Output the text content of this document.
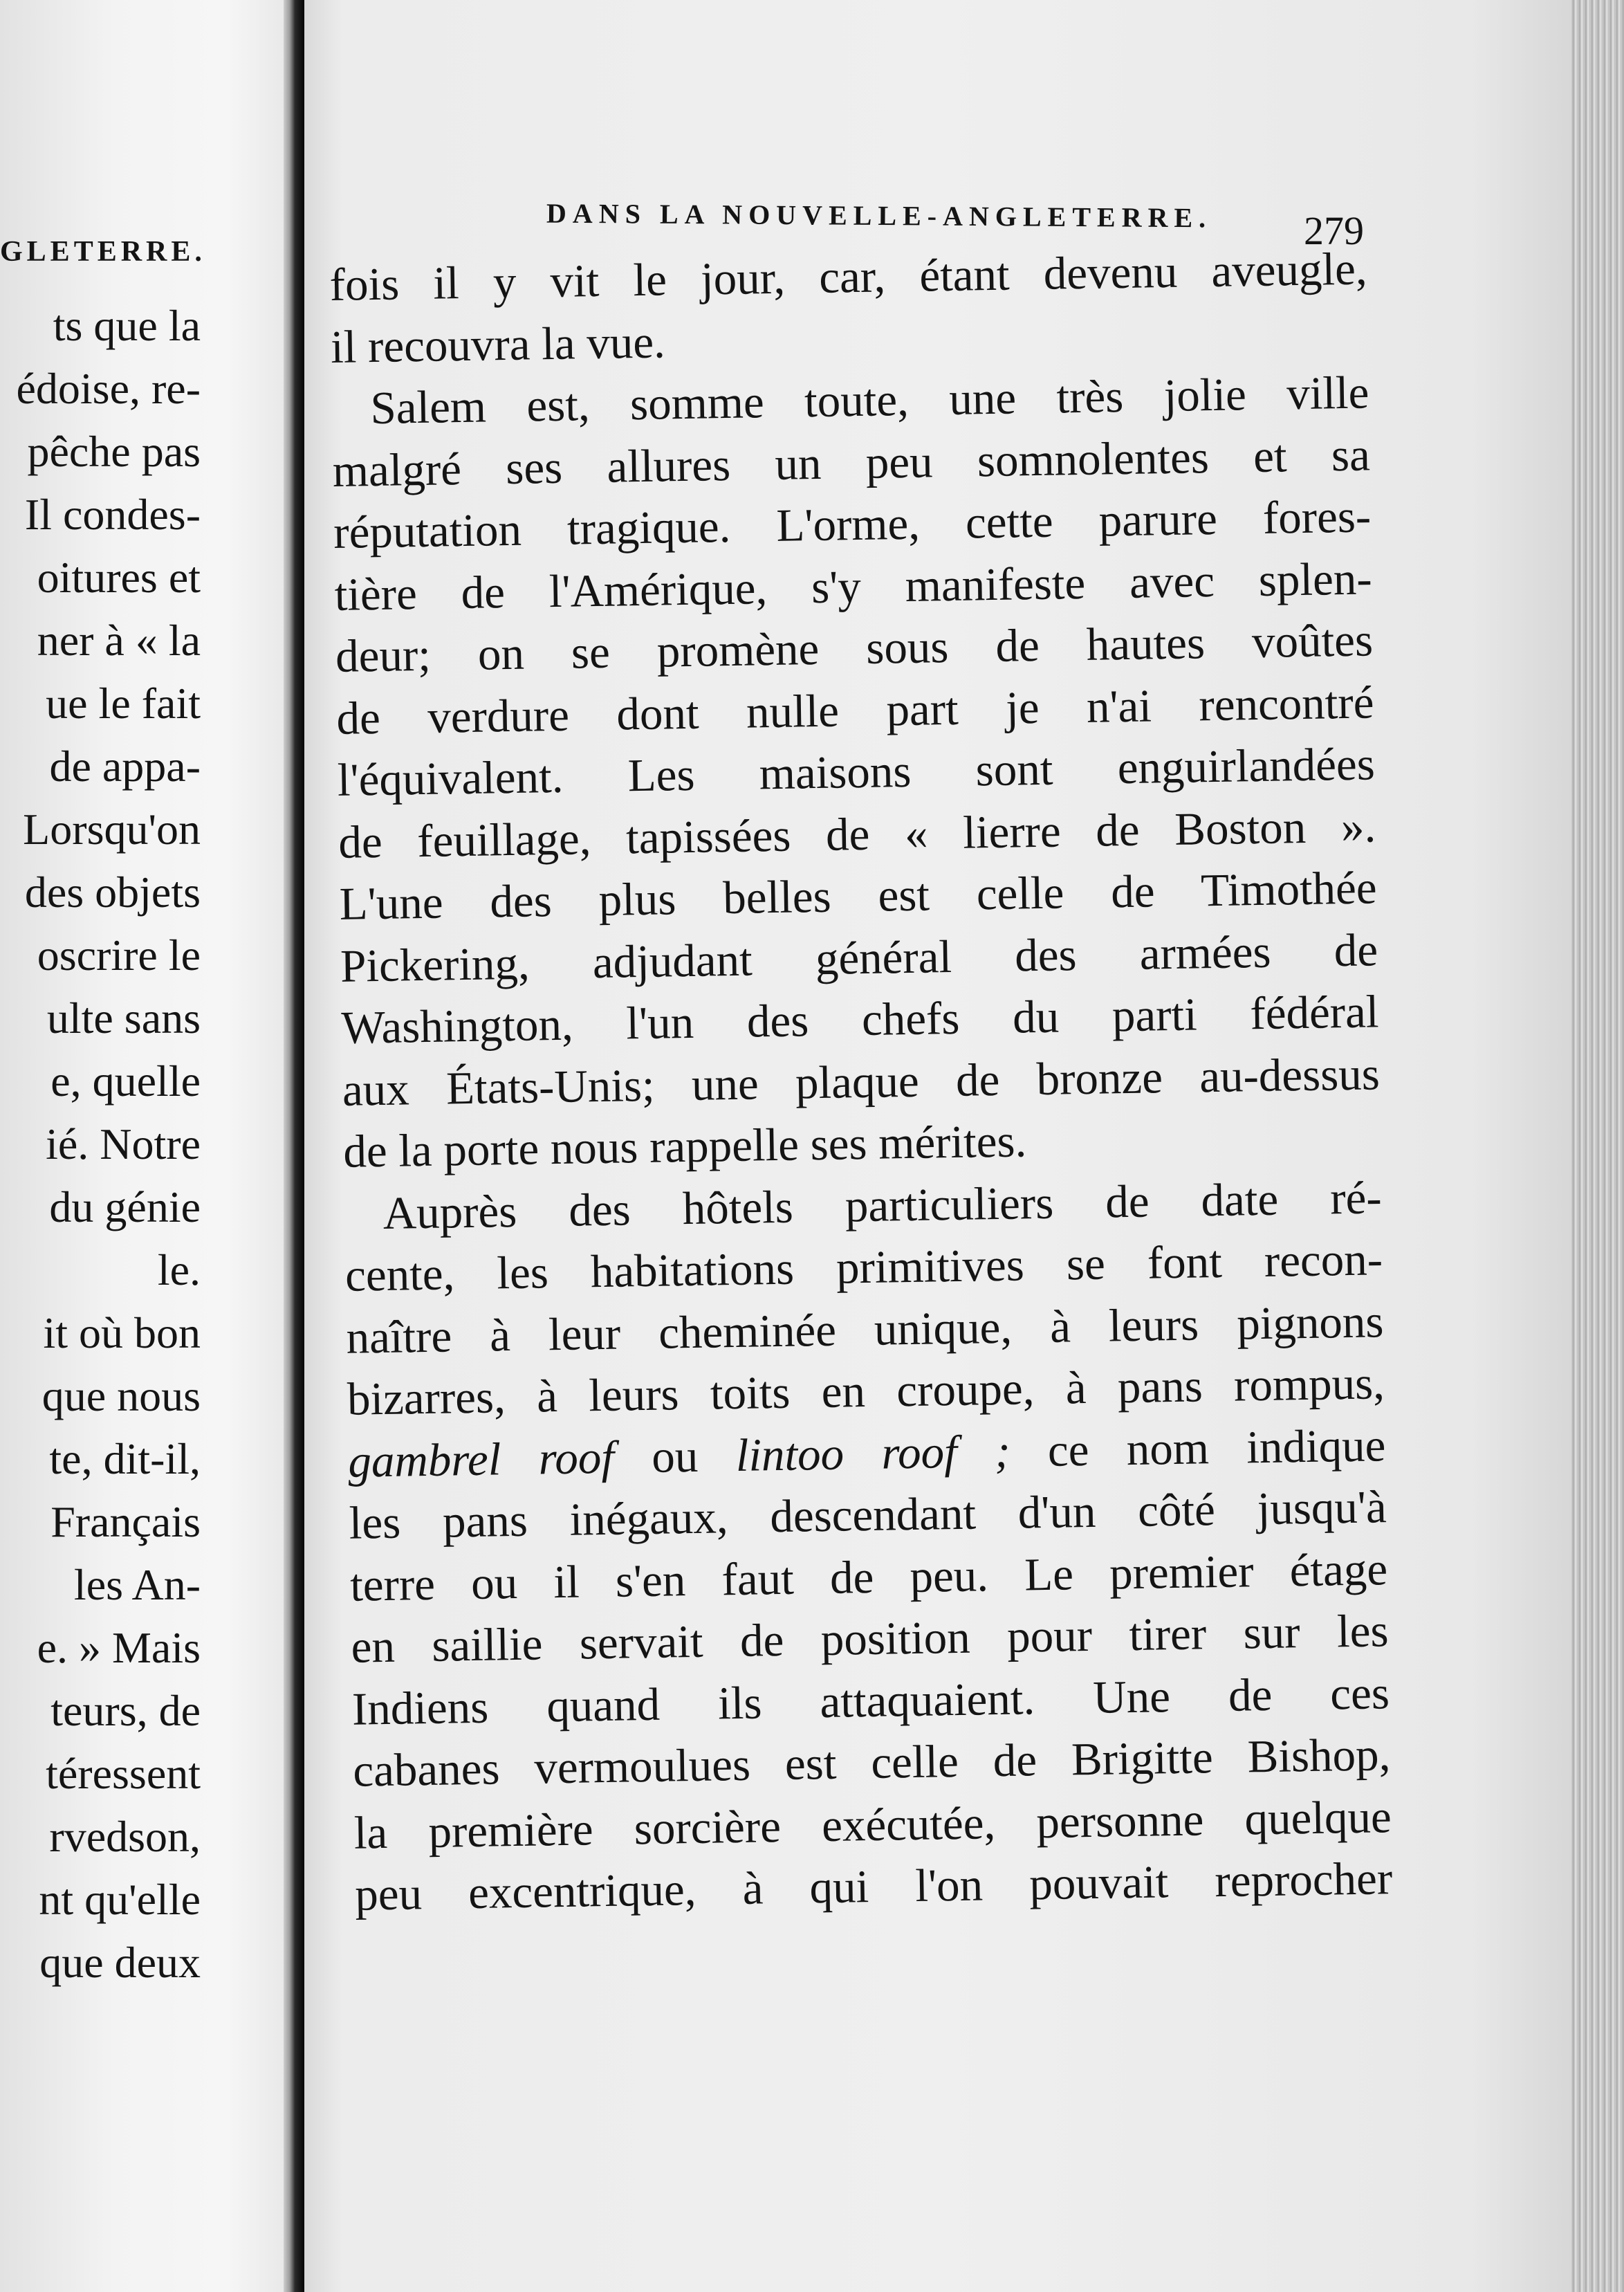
GLETERRE.
ts que la
édoise, re-
pêche pas
Il condes-
oitures et
ner à « la
ue le fait
de appa-
Lorsqu'on
des objets
oscrire le
ulte sans
e, quelle
ié. Notre
du génie
le.
it où bon
que nous
te, dit-il,
Français
les An-
e. » Mais
teurs, de
téressent
rvedson,
nt qu'elle
que deux
DANS LA NOUVELLE-ANGLETERRE. 279
fois il y vit le jour, car, étant devenu aveugle,
il recouvra la vue.
Salem est, somme toute, une très jolie ville
malgré ses allures un peu somnolentes et sa
réputation tragique. L'orme, cette parure fores-
tière de l'Amérique, s'y manifeste avec splen-
deur; on se promène sous de hautes voûtes
de verdure dont nulle part je n'ai rencontré
l'équivalent. Les maisons sont enguirlandées
de feuillage, tapissées de « lierre de Boston ».
L'une des plus belles est celle de Timothée
Pickering, adjudant général des armées de
Washington, l'un des chefs du parti fédéral
aux États-Unis; une plaque de bronze au-dessus
de la porte nous rappelle ses mérites.
Auprès des hôtels particuliers de date ré-
cente, les habitations primitives se font recon-
naître à leur cheminée unique, à leurs pignons
bizarres, à leurs toits en croupe, à pans rompus,
gambrel roof ou lintoo roof ; ce nom indique
les pans inégaux, descendant d'un côté jusqu'à
terre ou il s'en faut de peu. Le premier étage
en saillie servait de position pour tirer sur les
Indiens quand ils attaquaient. Une de ces
cabanes vermoulues est celle de Brigitte Bishop,
la première sorcière exécutée, personne quelque
peu excentrique, à qui l'on pouvait reprocher
